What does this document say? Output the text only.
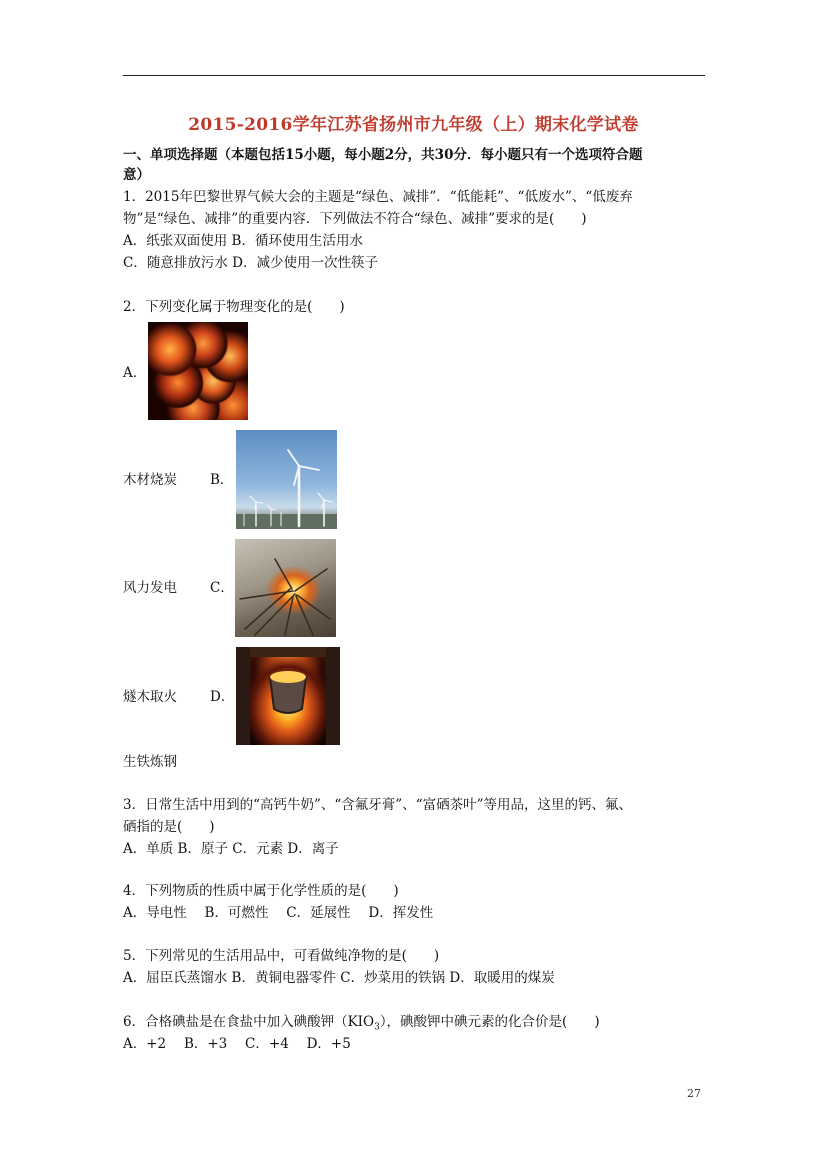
2015-2016学年江苏省扬州市九年级（上）期末化学试卷
一、单项选择题（本题包括15小题，每小题2分，共30分．每小题只有一个选项符合题
意）
1．2015年巴黎世界气候大会的主题是“绿色、减排”．“低能耗”、“低废水”、“低废弃
物”是“绿色、减排”的重要内容．下列做法不符合“绿色、减排”要求的是(　　)
A．纸张双面使用 B．循环使用生活用水
C．随意排放污水 D．减少使用一次性筷子
2．下列变化属于物理变化的是(　　)
A．
木材烧炭 B．
风力发电 C．
燧木取火 D．
生铁炼钢
3．日常生活中用到的“高钙牛奶”、“含氟牙膏”、“富硒茶叶”等用品，这里的钙、氟、
硒指的是(　　)
A．单质 B．原子 C．元素 D．离子
4．下列物质的性质中属于化学性质的是(　　)
A．导电性　 B．可燃性　 C．延展性　 D．挥发性
5．下列常见的生活用品中，可看做纯净物的是(　　)
A．屈臣氏蒸馏水 B．黄铜电器零件 C．炒菜用的铁锅 D．取暖用的煤炭
6．合格碘盐是在食盐中加入碘酸钾$(KIO_3)$，碘酸钾中碘元素的化合价是(　　)
A．+2　 B．+3　 C．+4　 D．+5
27
